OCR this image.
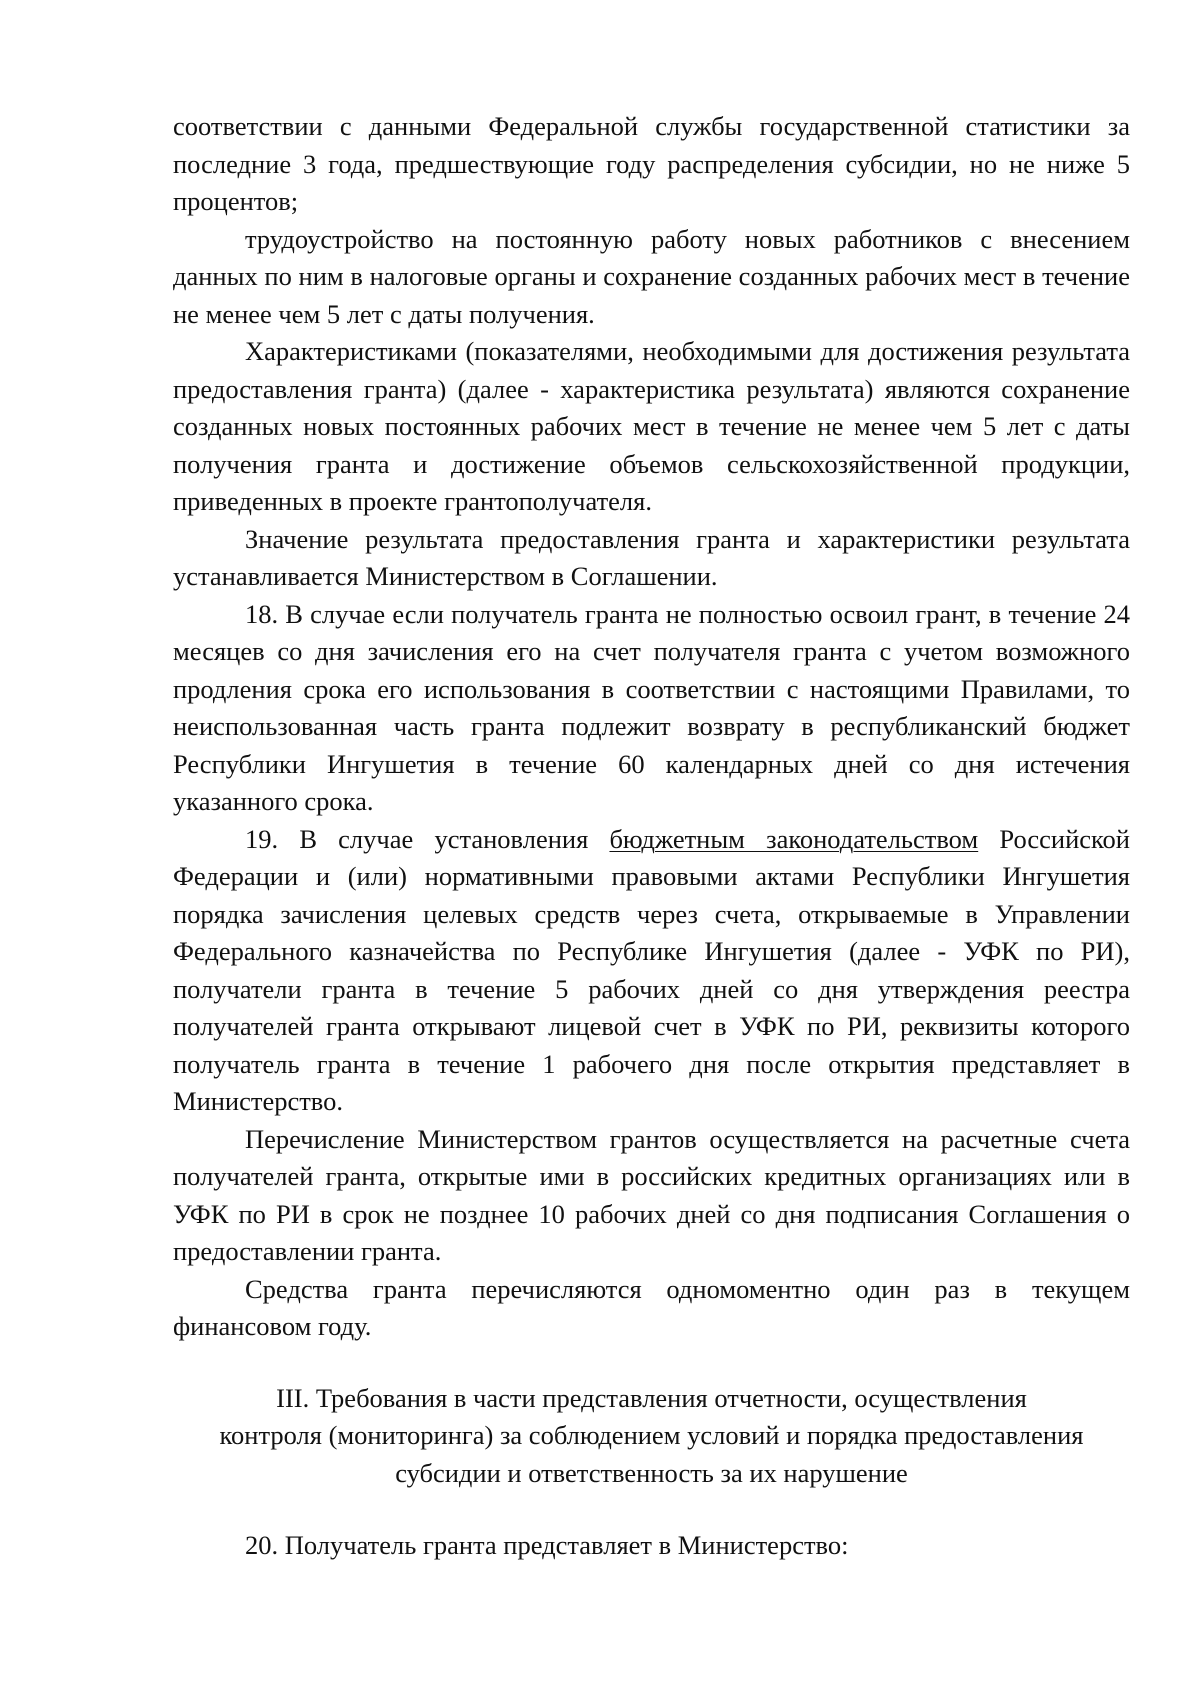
соответствии с данными Федеральной службы государственной статистики за последние 3 года, предшествующие году распределения субсидии, но не ниже 5 процентов;

трудоустройство на постоянную работу новых работников с внесением данных по ним в налоговые органы и сохранение созданных рабочих мест в течение не менее чем 5 лет с даты получения.

Характеристиками (показателями, необходимыми для достижения результата предоставления гранта) (далее - характеристика результата) являются сохранение созданных новых постоянных рабочих мест в течение не менее чем 5 лет с даты получения гранта и достижение объемов сельскохозяйственной продукции, приведенных в проекте грантополучателя.

Значение результата предоставления гранта и характеристики результата устанавливается Министерством в Соглашении.

18. В случае если получатель гранта не полностью освоил грант, в течение 24 месяцев со дня зачисления его на счет получателя гранта с учетом возможного продления срока его использования в соответствии с настоящими Правилами, то неиспользованная часть гранта подлежит возврату в республиканский бюджет Республики Ингушетия в течение 60 календарных дней со дня истечения указанного срока.

19. В случае установления бюджетным законодательством Российской Федерации и (или) нормативными правовыми актами Республики Ингушетия порядка зачисления целевых средств через счета, открываемые в Управлении Федерального казначейства по Республике Ингушетия (далее - УФК по РИ), получатели гранта в течение 5 рабочих дней со дня утверждения реестра получателей гранта открывают лицевой счет в УФК по РИ, реквизиты которого получатель гранта в течение 1 рабочего дня после открытия представляет в Министерство.

Перечисление Министерством грантов осуществляется на расчетные счета получателей гранта, открытые ими в российских кредитных организациях или в УФК по РИ в срок не позднее 10 рабочих дней со дня подписания Соглашения о предоставлении гранта.

Средства гранта перечисляются одномоментно один раз в текущем финансовом году.

III. Требования в части представления отчетности, осуществления
контроля (мониторинга) за соблюдением условий и порядка предоставления
субсидии и ответственность за их нарушение

20. Получатель гранта представляет в Министерство:
